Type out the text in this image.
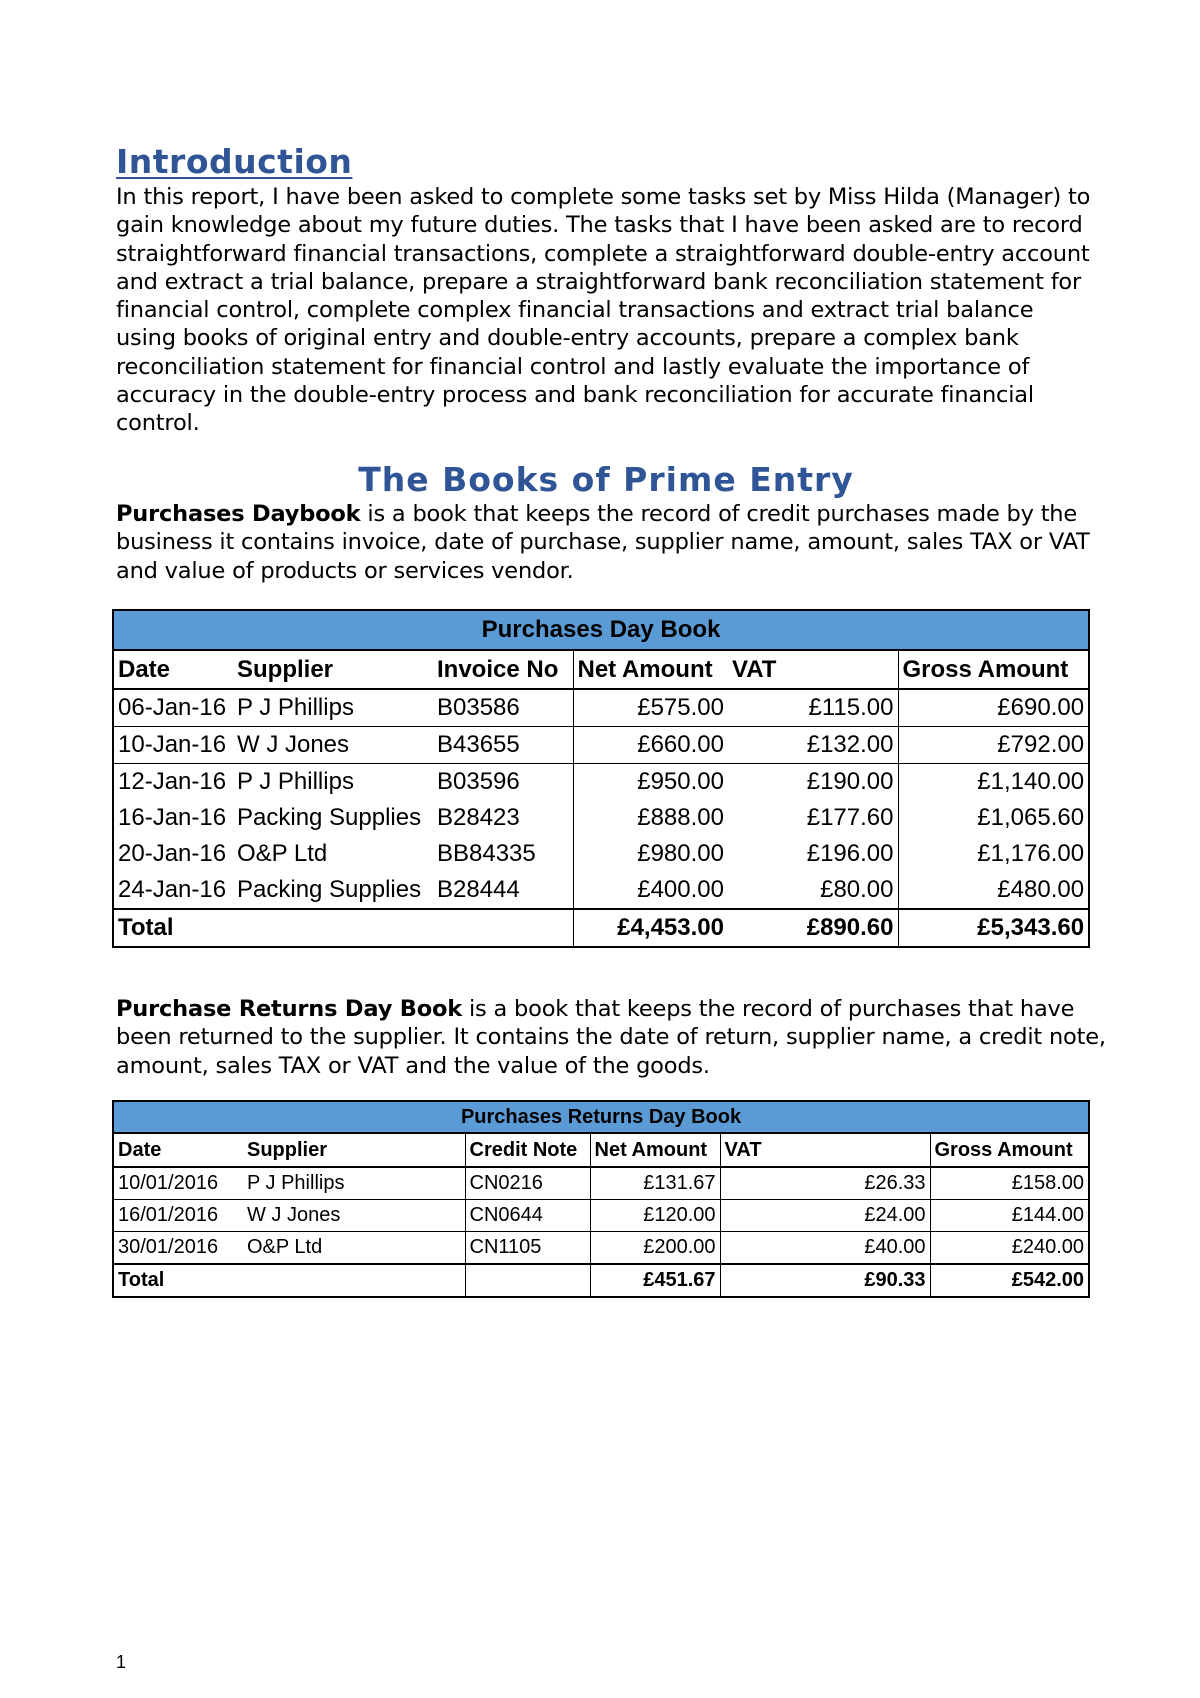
Introduction

In this report, I have been asked to complete some tasks set by Miss Hilda (Manager) to gain knowledge about my future duties. The tasks that I have been asked are to record straightforward financial transactions, complete a straightforward double-entry account and extract a trial balance, prepare a straightforward bank reconciliation statement for financial control, complete complex financial transactions and extract trial balance using books of original entry and double-entry accounts, prepare a complex bank reconciliation statement for financial control and lastly evaluate the importance of accuracy in the double-entry process and bank reconciliation for accurate financial control.

The Books of Prime Entry

Purchases Daybook is a book that keeps the record of credit purchases made by the business it contains invoice, date of purchase, supplier name, amount, sales TAX or VAT and value of products or services vendor.

Purchases Day Book					
Date	Supplier	Invoice No	Net Amount	VAT	Gross Amount
06-Jan-16	P J Phillips	B03586	£575.00	£115.00	£690.00
10-Jan-16	W J Jones	B43655	£660.00	£132.00	£792.00
12-Jan-16	P J Phillips	B03596	£950.00	£190.00	£1,140.00
16-Jan-16	Packing Supplies	B28423	£888.00	£177.60	£1,065.60
20-Jan-16	O&P Ltd	BB84335	£980.00	£196.00	£1,176.00
24-Jan-16	Packing Supplies	B28444	£400.00	£80.00	£480.00
Total			£4,453.00	£890.60	£5,343.60

Purchase Returns Day Book is a book that keeps the record of purchases that have been returned to the supplier. It contains the date of return, supplier name, a credit note, amount, sales TAX or VAT and the value of the goods.

Purchases Returns Day Book					
Date	Supplier	Credit Note	Net Amount	VAT	Gross Amount
10/01/2016	P J Phillips	CN0216	£131.67	£26.33	£158.00
16/01/2016	W J Jones	CN0644	£120.00	£24.00	£144.00
30/01/2016	O&P Ltd	CN1105	£200.00	£40.00	£240.00
Total			£451.67	£90.33	£542.00
1
